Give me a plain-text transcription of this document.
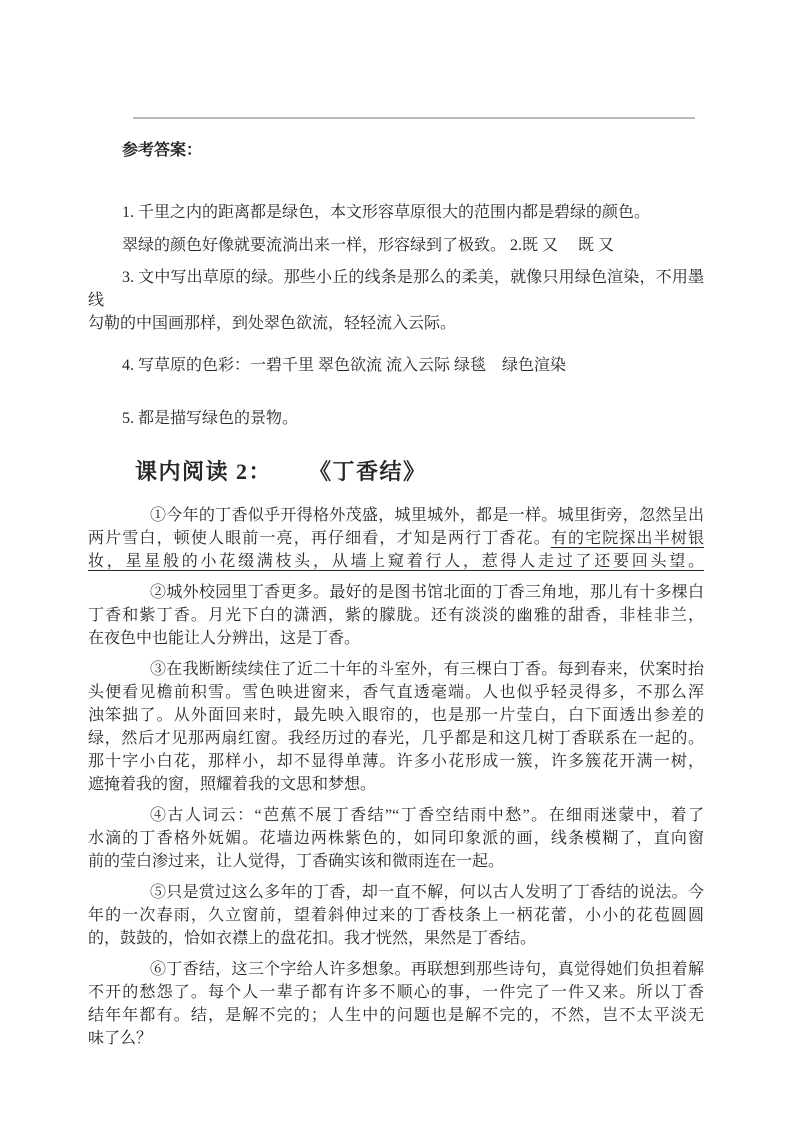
参考答案：
1. 千里之内的距离都是绿色，本文形容草原很大的范围内都是碧绿的颜色。
翠绿的颜色好像就要流淌出来一样，形容绿到了极致。 2.既 又　 既 又
3. 文中写出草原的绿。那些小丘的线条是那么的柔美，就像只用绿色渲染，不用墨线
勾勒的中国画那样，到处翠色欲流，轻轻流入云际。
4. 写草原的色彩：一碧千里 翠色欲流 流入云际 绿毯　绿色渲染
5. 都是描写绿色的景物。
课内阅读 2： 《丁香结》
①今年的丁香似乎开得格外茂盛，城里城外，都是一样。城里街旁，忽然呈出
两片雪白，顿使人眼前一亮，再仔细看，才知是两行丁香花。有的宅院探出半树银
妆，星星般的小花缀满枝头，从墙上窥着行人，惹得人走过了还要回头望。
②城外校园里丁香更多。最好的是图书馆北面的丁香三角地，那儿有十多棵白
丁香和紫丁香。月光下白的潇洒，紫的朦胧。还有淡淡的幽雅的甜香，非桂非兰，
在夜色中也能让人分辨出，这是丁香。
③在我断断续续住了近二十年的斗室外，有三棵白丁香。每到春来，伏案时抬
头便看见檐前积雪。雪色映进窗来，香气直透毫端。人也似乎轻灵得多，不那么浑
浊笨拙了。从外面回来时，最先映入眼帘的，也是那一片莹白，白下面透出参差的
绿，然后才见那两扇红窗。我经历过的春光，几乎都是和这几树丁香联系在一起的。
那十字小白花，那样小，却不显得单薄。许多小花形成一簇，许多簇花开满一树，
遮掩着我的窗，照耀着我的文思和梦想。
④古人词云：“芭蕉不展丁香结”“丁香空结雨中愁”。在细雨迷蒙中，着了
水滴的丁香格外妩媚。花墙边两株紫色的，如同印象派的画，线条模糊了，直向窗
前的莹白渗过来，让人觉得，丁香确实该和微雨连在一起。
⑤只是赏过这么多年的丁香，却一直不解，何以古人发明了丁香结的说法。今
年的一次春雨，久立窗前，望着斜伸过来的丁香枝条上一柄花蕾，小小的花苞圆圆
的，鼓鼓的，恰如衣襟上的盘花扣。我才恍然，果然是丁香结。
⑥丁香结，这三个字给人许多想象。再联想到那些诗句，真觉得她们负担着解
不开的愁怨了。每个人一辈子都有许多不顺心的事，一件完了一件又来。所以丁香
结年年都有。结，是解不完的；人生中的问题也是解不完的，不然，岂不太平淡无
味了么？
